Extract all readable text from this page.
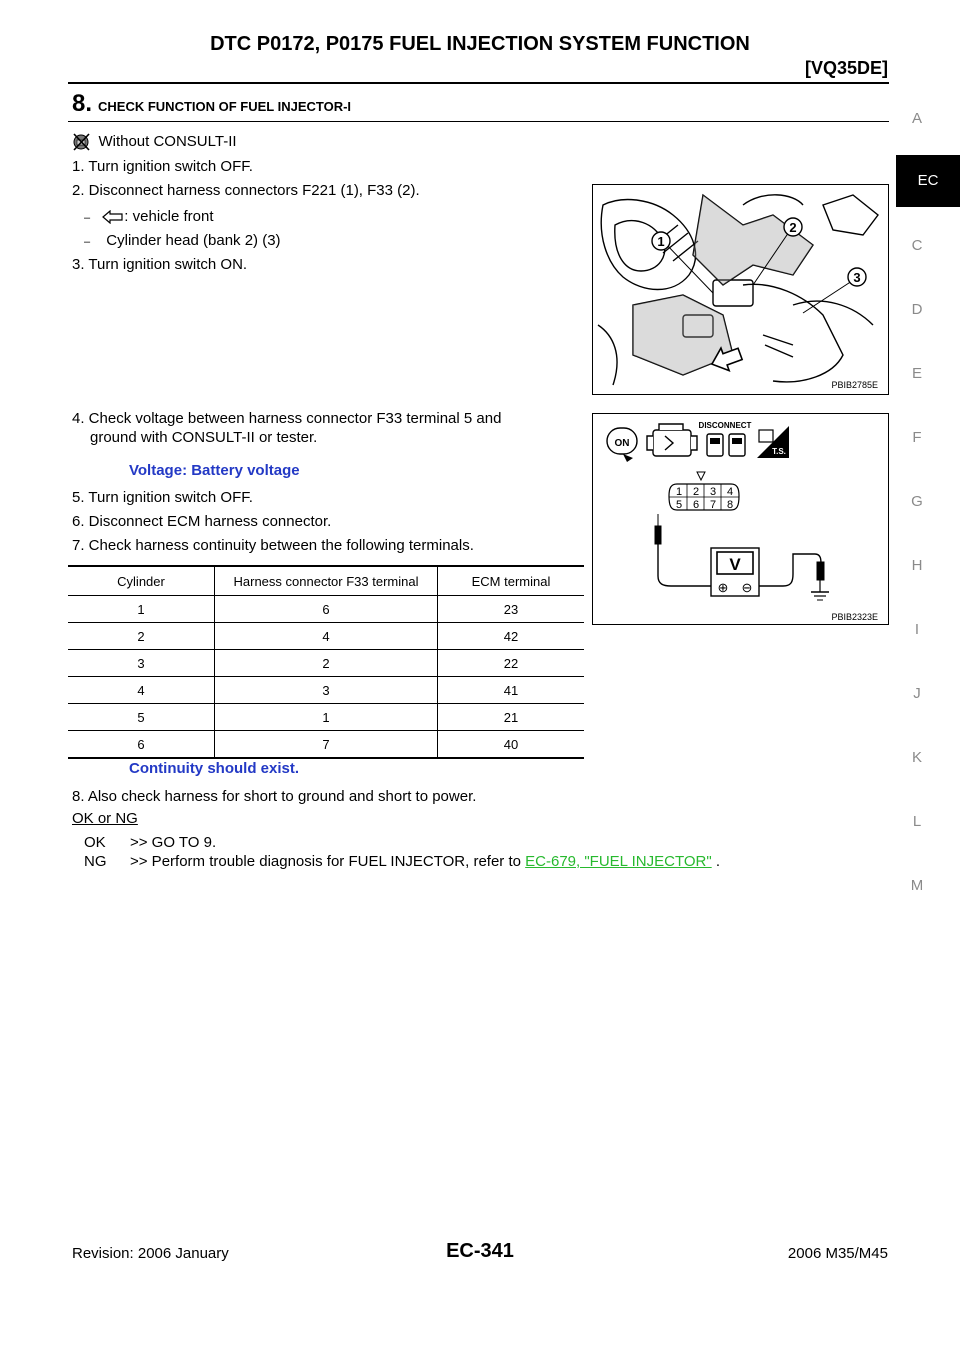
DTC P0172, P0175 FUEL INJECTION SYSTEM FUNCTION
[VQ35DE]
A
EC
C
D
E
F
G
H
I
J
K
L
M
8. CHECK FUNCTION OF FUEL INJECTOR-I
Without CONSULT-II
1. Turn ignition switch OFF.
2. Disconnect harness connectors F221 (1), F33 (2).
– : vehicle front
– Cylinder head (bank 2) (3)
3. Turn ignition switch ON.
4. Check voltage between harness connector F33 terminal 5 and
ground with CONSULT-II or tester.
Voltage: Battery voltage
5. Turn ignition switch OFF.
6. Disconnect ECM harness connector.
7. Check harness continuity between the following terminals.
Cylinder	Harness connector F33 terminal	ECM terminal
1	6	23
2	4	42
3	2	22
4	3	41
5	1	21
6	7	40
Continuity should exist.
8. Also check harness for short to ground and short to power.
OK or NG
OK >> GO TO 9.
NG >> Perform trouble diagnosis for FUEL INJECTOR, refer to EC-679, "FUEL INJECTOR" .
1
2
3
PBIB2785E
ON
DISCONNECT
T.S.
1 2 3 4
5 6 7 8
V
⊕ ⊖
PBIB2323E
Revision: 2006 January	EC-341	2006 M35/M45
